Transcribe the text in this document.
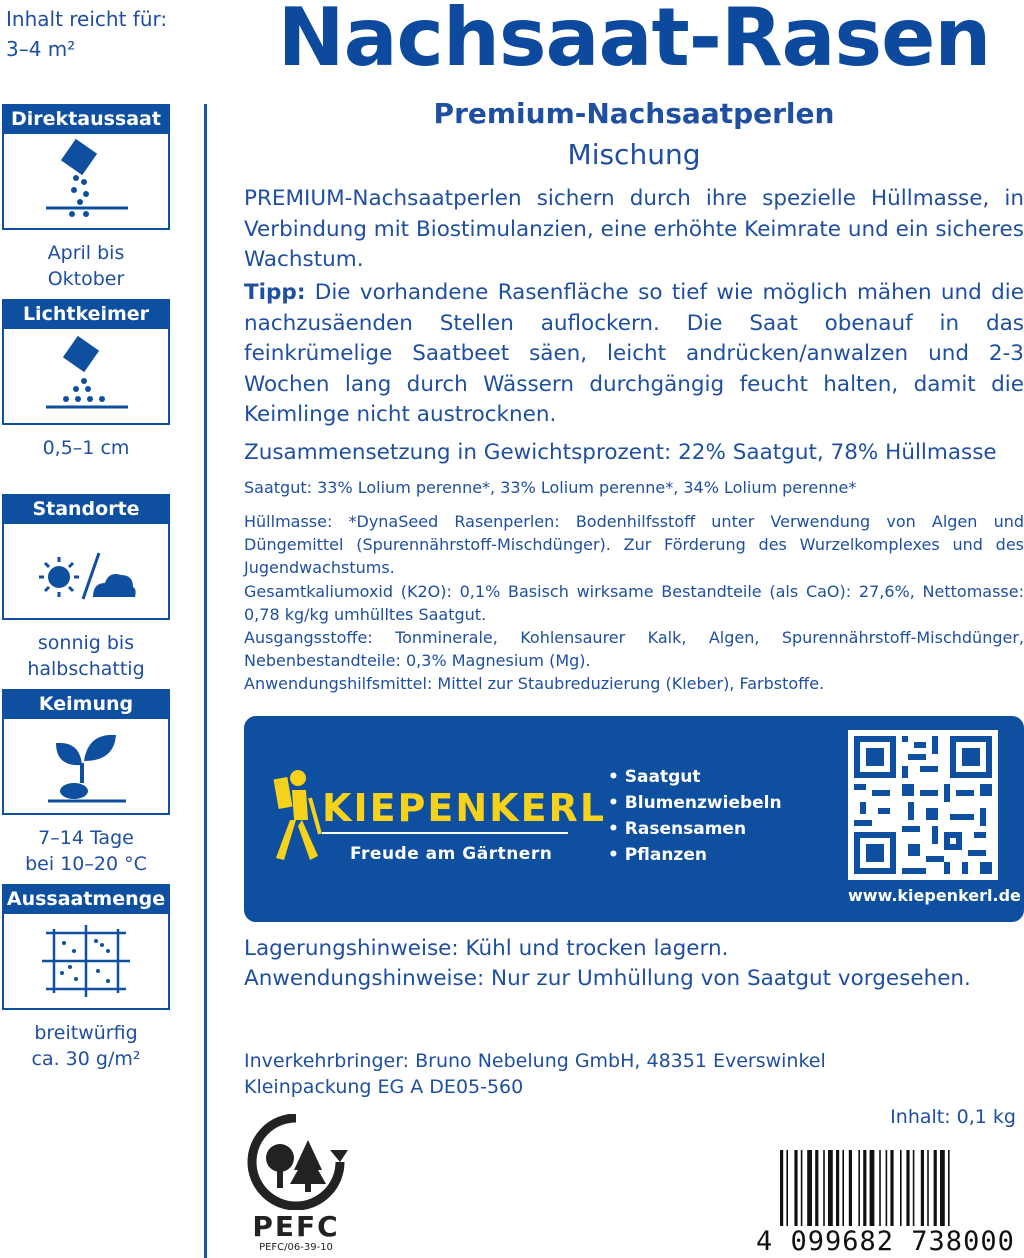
Inhalt reicht für:
3–4 m²	Nachsaat-Rasen
Direktaussaat
April bis
Oktober
Lichtkeimer
0,5–1 cm
Standorte
sonnig bis
halbschattig
Keimung
7–14 Tage
bei 10–20 °C
Aussaatmenge
breitwürfig
ca. 30 g/m²
Premium-Nachsaatperlen
Mischung

PREMIUM-Nachsaatperlen sichern durch ihre spezielle Hüllmasse, in Verbindung mit Biostimulanzien, eine erhöhte Keimrate und ein sicheres Wachstum.

Tipp: Die vorhandene Rasenfläche so tief wie möglich mähen und die nachzusäenden Stellen auflockern. Die Saat obenauf in das feinkrümelige Saatbeet säen, leicht andrücken/anwalzen und 2-3 Wochen lang durch Wässern durchgängig feucht halten, damit die Keimlinge nicht austrocknen.

Zusammensetzung in Gewichtsprozent: 22% Saatgut, 78% Hüllmasse
Saatgut: 33% Lolium perenne*, 33% Lolium perenne*, 34% Lolium perenne*

Hüllmasse: *DynaSeed Rasenperlen: Bodenhilfsstoff unter Verwendung von Algen und Düngemittel (Spurennährstoff-Mischdünger). Zur Förderung des Wurzelkomplexes und des Jugendwachstums.

Gesamtkaliumoxid (K2O): 0,1% Basisch wirksame Bestandteile (als CaO): 27,6%, Nettomasse: 0,78 kg/kg umhülltes Saatgut.

Ausgangsstoffe: Tonminerale, Kohlensaurer Kalk, Algen, Spurennährstoff-Mischdünger, Nebenbestandteile: 0,3% Magnesium (Mg).

Anwendungshilfsmittel: Mittel zur Staubreduzierung (Kleber), Farbstoffe.

KIEPENKERL
Freude am Gärtnern
• Saatgut
• Blumenzwiebeln
• Rasensamen
• Pflanzen
www.kiepenkerl.de
Lagerungshinweise: Kühl und trocken lagern.
Anwendungshinweise: Nur zur Umhüllung von Saatgut vorgesehen.
Inverkehrbringer: Bruno Nebelung GmbH, 48351 Everswinkel
Kleinpackung EG A DE05-560
Inhalt: 0,1 kg
PEFC
PEFC/06-39-10	4 099682 738000
